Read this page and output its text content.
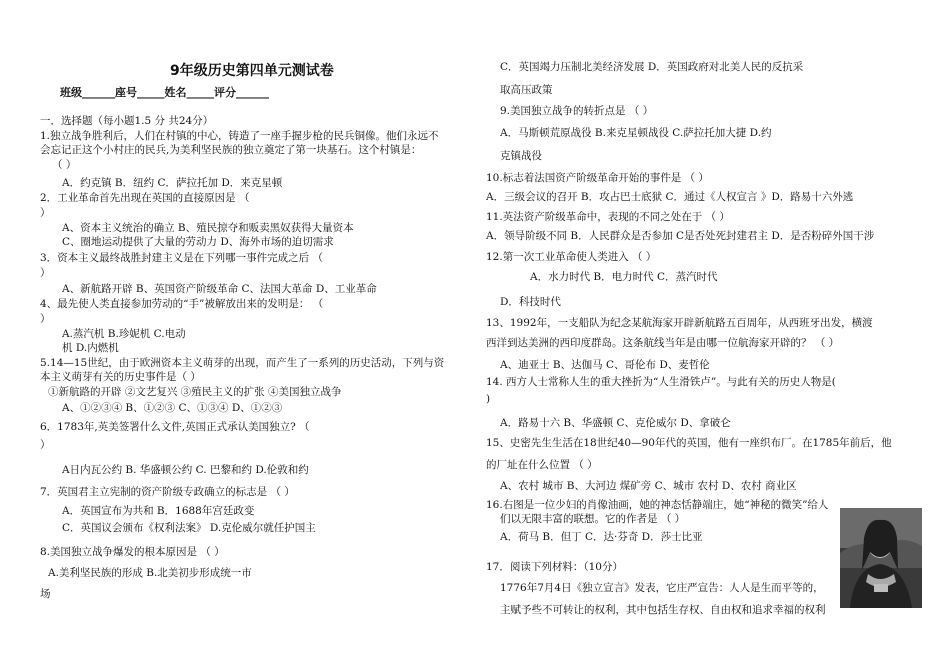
9年级历史第四单元测试卷
班级______座号_____姓名_____评分______
一．选择题（每小题1.5 分 共24分）
1.独立战争胜利后，人们在村镇的中心，铸造了一座手握步枪的民兵铜像。他们永远不
会忘记正这个小村庄的民兵,为美利坚民族的独立奠定了第一块基石。这个村镇是：
（ ）
A．约克镇 B．纽约 C．萨拉托加 D．来克星顿
2．工业革命首先出现在英国的直接原因是 （
）
A、资本主义统治的确立 B、殖民掠夺和贩卖黑奴获得大量资本
C、圈地运动提供了大量的劳动力 D、海外市场的迫切需求
3．资本主义最终战胜封建主义是在下列哪一事件完成之后 （
）
A、新航路开辟 B、英国资产阶级革命 C、法国大革命 D、工业革命
4、最先使人类直接参加劳动的“手”被解放出来的发明是： （
）
A.蒸汽机 B.珍妮机 C.电动
机 D.内燃机
5.14—15世纪，由于欧洲资本主义萌芽的出现，而产生了一系列的历史活动，下列与资
本主义萌芽有关的历史事件是（ ）
①新航路的开辟 ②文艺复兴 ③殖民主义的扩张 ④美国独立战争
A、①②③④ B、①②③ C、①③④ D、①②③
6．1783年,英美签署什么文件,英国正式承认美国独立? （
）
A日内瓦公约 B. 华盛顿公约 C. 巴黎和约 D.伦敦和约
7．英国君主立宪制的资产阶级专政确立的标志是 （ ）
A．英国宣布为共和 B．1688年宫廷政变
C．英国议会颁布《权利法案》 D.克伦威尔就任护国主
8.美国独立战争爆发的根本原因是 （ ）
A.美利坚民族的形成 B.北美初步形成统一市
场
C．英国竭力压制北美经济发展 D．英国政府对北美人民的反抗采
取高压政策
9.美国独立战争的转折点是 （ ）
A．马斯顿荒原战役 B.来克星顿战役 C.萨拉托加大捷 D.约
克镇战役
10.标志着法国资产阶级革命开始的事件是 （ ）
A．三级会议的召开 B．攻占巴士底狱 C．通过《人权宣言 》D．路易十六外逃
11.英法资产阶级革命中，表现的不同之处在于 （ ）
A．领导阶级不同 B．人民群众是否参加 C是否处死封建君主 D．是否粉碎外国干涉
12.第一次工业革命使人类进入 （ ）
A．水力时代 B．电力时代 C．蒸汽时代
D．科技时代
13、1992年，一支船队为纪念某航海家开辟新航路五百周年，从西班牙出发，横渡
西洋到达美洲的西印度群岛。这条航线当年是由哪一位航海家开辟的？ （ ）
A、迪亚士 B、达伽马 C、哥伦布 D、麦哲伦
14. 西方人士常称人生的重大挫折为“人生滑铁卢”。与此有关的历史人物是(
)
A．路易十六 B、华盛顿 C、克伦威尔 D、拿破仑
15、史密先生生活在18世纪40—90年代的英国，他有一座织布厂。在1785年前后，他
的厂址在什么位置 （ ）
A、农村 城市 B、大河边 煤矿旁 C、城市 农村 D、农村 商业区
16.右图是一位少妇的肖像油画，她的神态恬静端庄，她“神秘的微笑”给人
们以无限丰富的联想。它的作者是 （ ）
A．荷马 B．但丁 C．达·芬奇 D．莎士比亚
17．阅读下列材料：（10分）
1776年7月4日《独立宣言》发表，它庄严宣告：人人是生而平等的，
主赋予些不可转让的权利，其中包括生存权、自由权和追求幸福的权利
